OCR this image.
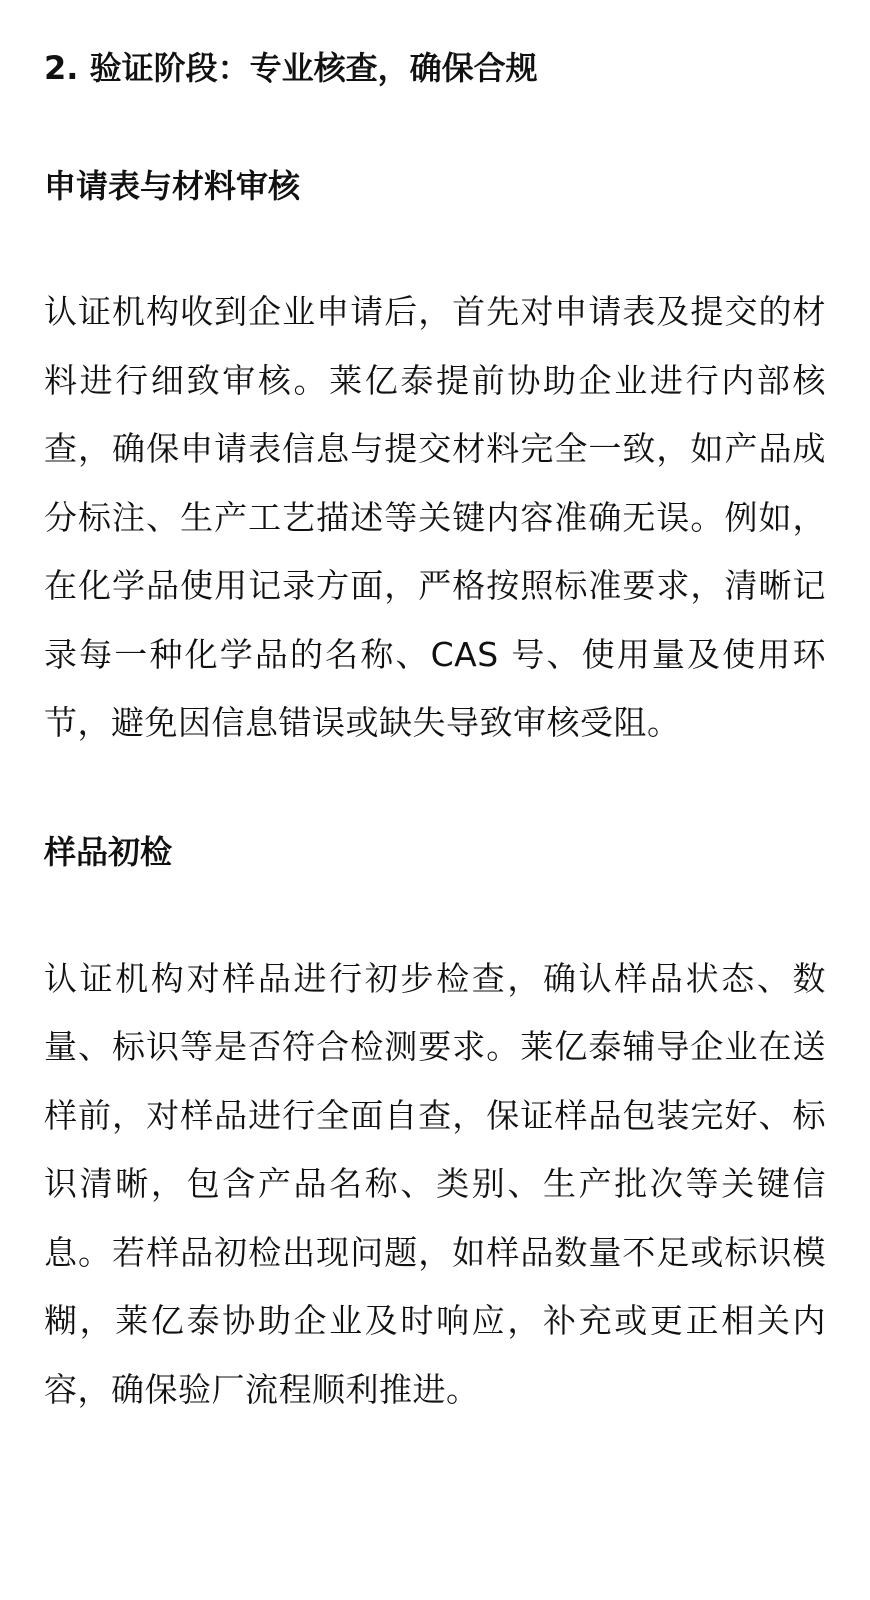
2. 验证阶段：专业核查，确保合规
申请表与材料审核

认证机构收到企业申请后，首先对申请表及提交的材料进行细致审核。莱亿泰提前协助企业进行内部核查，确保申请表信息与提交材料完全一致，如产品成分标注、生产工艺描述等关键内容准确无误。例如，在化学品使用记录方面，严格按照标准要求，清晰记录每一种化学品的名称、CAS 号、使用量及使用环节，避免因信息错误或缺失导致审核受阻。

样品初检

认证机构对样品进行初步检查，确认样品状态、数量、标识等是否符合检测要求。莱亿泰辅导企业在送样前，对样品进行全面自查，保证样品包装完好、标识清晰，包含产品名称、类别、生产批次等关键信息。若样品初检出现问题，如样品数量不足或标识模糊，莱亿泰协助企业及时响应，补充或更正相关内容，确保验厂流程顺利推进。
